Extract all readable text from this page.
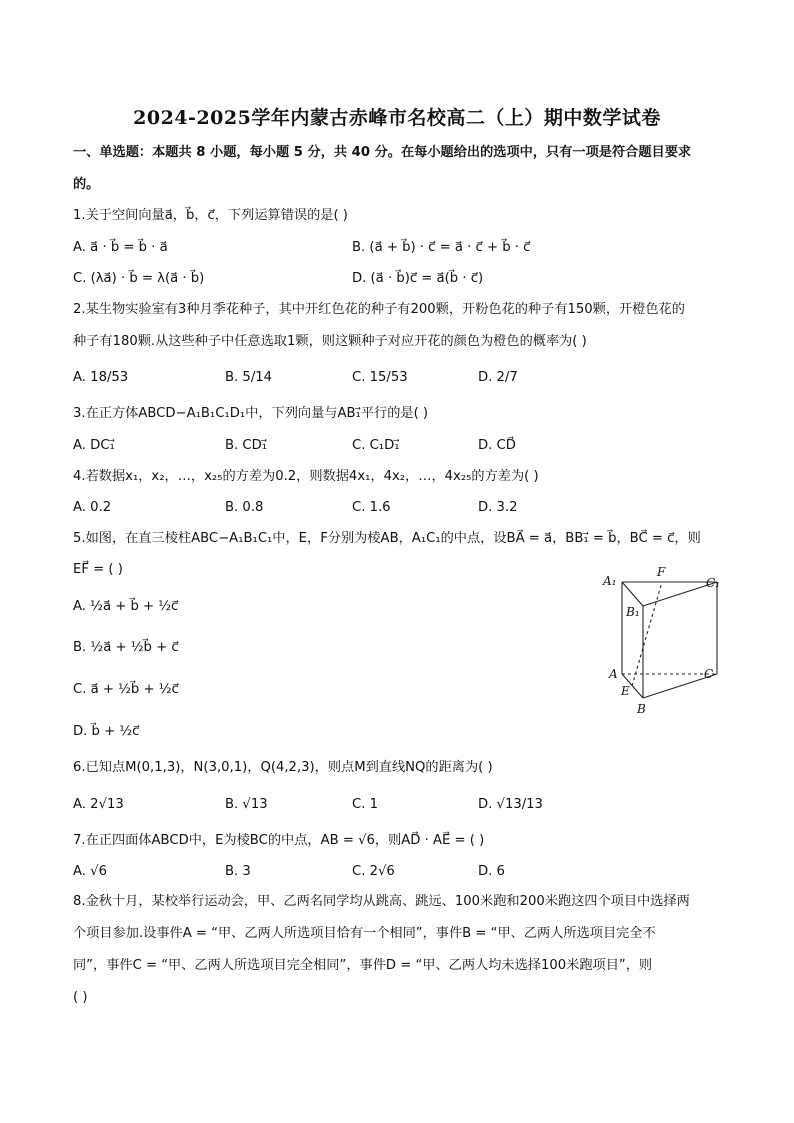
2024-2025学年内蒙古赤峰市名校高二（上）期中数学试卷
一、单选题：本题共 8 小题，每小题 5 分，共 40 分。在每小题给出的选项中，只有一项是符合题目要求
的。
1.关于空间向量a⃗，b⃗，c⃗，下列运算错误的是( )
A. a⃗ · b⃗ = b⃗ · a⃗	B. (a⃗ + b⃗) · c⃗ = a⃗ · c⃗ + b⃗ · c⃗
C. (λa⃗) · b⃗ = λ(a⃗ · b⃗)	D. (a⃗ · b⃗)c⃗ = a⃗(b⃗ · c⃗)
2.某生物实验室有3种月季花种子，其中开红色花的种子有200颗，开粉色花的种子有150颗，开橙色花的
种子有180颗.从这些种子中任意选取1颗，则这颗种子对应开花的颜色为橙色的概率为( )
A. 18/53	B. 5/14	C. 15/53	D. 2/7
3.在正方体ABCD−A₁B₁C₁D₁中，下列向量与AB₁⃗平行的是( )
A. DC₁⃗	B. CD₁⃗	C. C₁D₁⃗	D. CD⃗
4.若数据x₁，x₂，…，x₂₅的方差为0.2，则数据4x₁，4x₂，…，4x₂₅的方差为( )
A. 0.2	B. 0.8	C. 1.6	D. 3.2
5.如图，在直三棱柱ABC−A₁B₁C₁中，E，F分别为棱AB，A₁C₁的中点，设BA⃗ = a⃗，BB₁⃗ = b⃗，BC⃗ = c⃗，则
EF⃗ = ( )
A. ½a⃗ + b⃗ + ½c⃗
B. ½a⃗ + ½b⃗ + c⃗
C. a⃗ + ½b⃗ + ½c⃗
D. b⃗ + ½c⃗
A₁
F
C₁
B₁
A	C
E
B
6.已知点M(0,1,3)，N(3,0,1)，Q(4,2,3)，则点M到直线NQ的距离为( )
A. 2√13	B. √13	C. 1	D. √13/13
7.在正四面体ABCD中，E为棱BC的中点，AB = √6，则AD⃗ · AE⃗ = ( )
A. √6	B. 3	C. 2√6	D. 6
8.金秋十月，某校举行运动会，甲、乙两名同学均从跳高、跳远、100米跑和200米跑这四个项目中选择两
个项目参加.设事件A = “甲、乙两人所选项目恰有一个相同”，事件B = “甲、乙两人所选项目完全不
同”，事件C = “甲、乙两人所选项目完全相同”，事件D = “甲、乙两人均未选择100米跑项目”，则
( )
